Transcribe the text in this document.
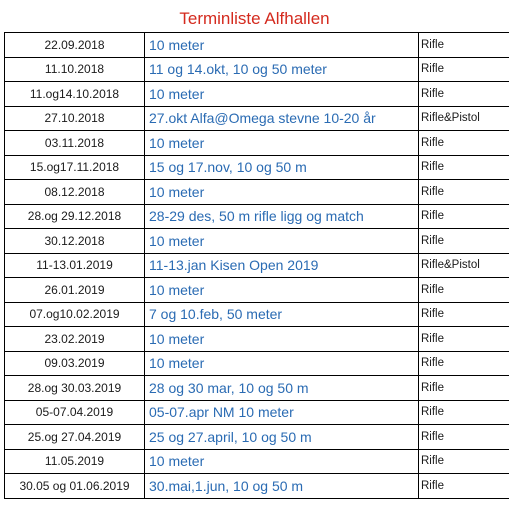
Terminliste Alfhallen
22.09.2018	10 meter	Rifle
11.10.2018	11 og 14.okt, 10 og 50 meter	Rifle
11.og14.10.2018	10 meter	Rifle
27.10.2018	27.okt Alfa@Omega stevne 10-20 år	Rifle&Pistol
03.11.2018	10 meter	Rifle
15.og17.11.2018	15 og 17.nov, 10 og 50 m	Rifle
08.12.2018	10 meter	Rifle
28.og 29.12.2018	28-29 des, 50 m rifle ligg og match	Rifle
30.12.2018	10 meter	Rifle
11-13.01.2019	11-13.jan Kisen Open 2019	Rifle&Pistol
26.01.2019	10 meter	Rifle
07.og10.02.2019	7 og 10.feb, 50 meter	Rifle
23.02.2019	10 meter	Rifle
09.03.2019	10 meter	Rifle
28.og 30.03.2019	28 og 30 mar, 10 og 50 m	Rifle
05-07.04.2019	05-07.apr NM 10 meter	Rifle
25.og 27.04.2019	25 og 27.april, 10 og 50 m	Rifle
11.05.2019	10 meter	Rifle
30.05 og 01.06.2019	30.mai,1.jun, 10 og 50 m	Rifle
